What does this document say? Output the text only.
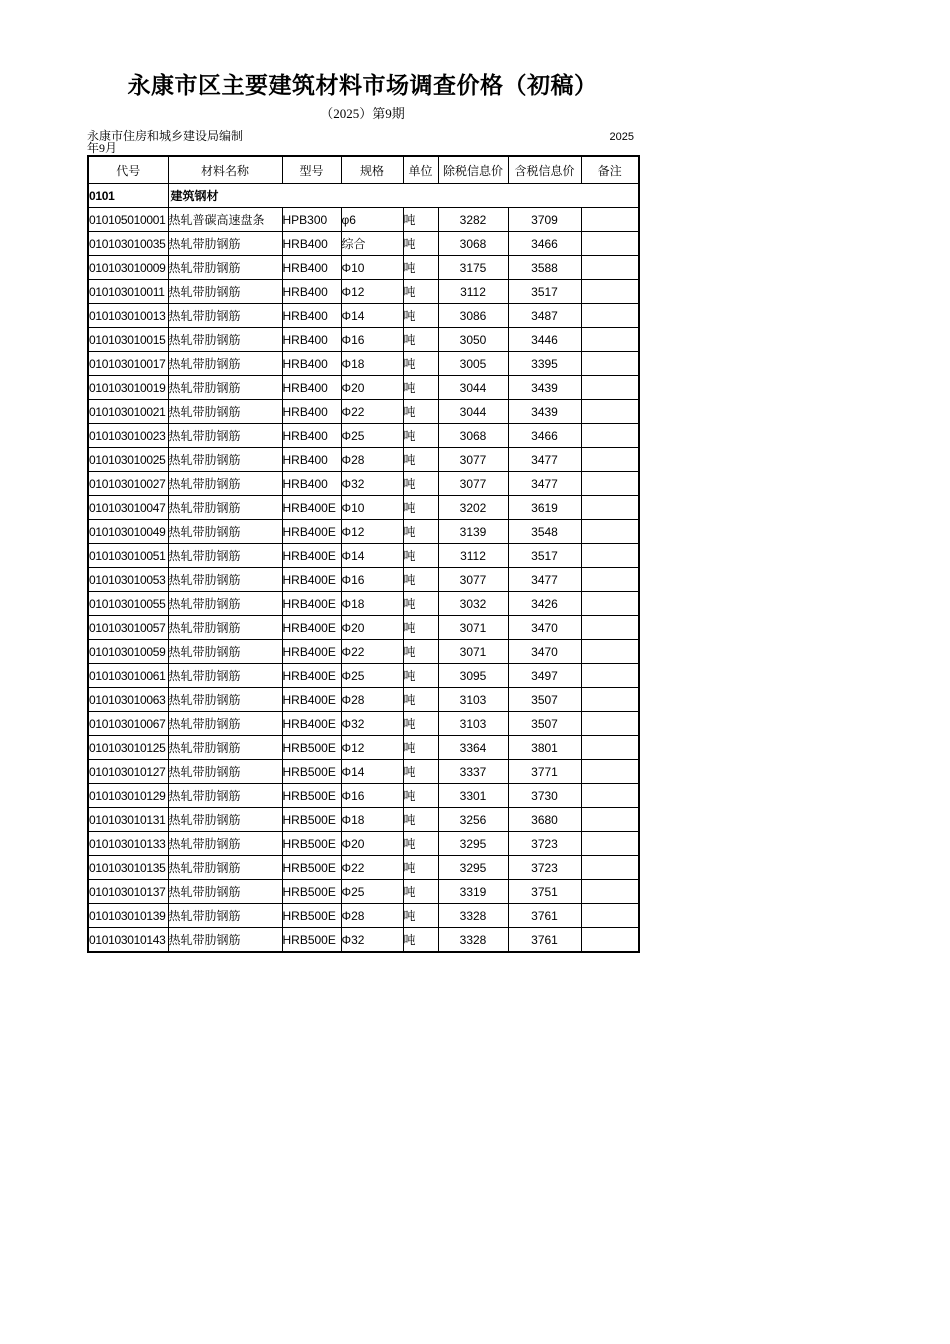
永康市区主要建筑材料市场调查价格（初稿）
（2025）第9期
永康市住房和城乡建设局编制
年9月
2025
代号	材料名称	型号	规格	单位	除税信息价	含税信息价	备注
0101	建筑钢材						
010105010001	热轧普碳高速盘条	HPB300	φ6	吨	3282	3709	
010103010035	热轧带肋钢筋	HRB400	综合	吨	3068	3466	
010103010009	热轧带肋钢筋	HRB400	Φ10	吨	3175	3588	
010103010011	热轧带肋钢筋	HRB400	Φ12	吨	3112	3517	
010103010013	热轧带肋钢筋	HRB400	Φ14	吨	3086	3487	
010103010015	热轧带肋钢筋	HRB400	Φ16	吨	3050	3446	
010103010017	热轧带肋钢筋	HRB400	Φ18	吨	3005	3395	
010103010019	热轧带肋钢筋	HRB400	Φ20	吨	3044	3439	
010103010021	热轧带肋钢筋	HRB400	Φ22	吨	3044	3439	
010103010023	热轧带肋钢筋	HRB400	Φ25	吨	3068	3466	
010103010025	热轧带肋钢筋	HRB400	Φ28	吨	3077	3477	
010103010027	热轧带肋钢筋	HRB400	Φ32	吨	3077	3477	
010103010047	热轧带肋钢筋	HRB400E	Φ10	吨	3202	3619	
010103010049	热轧带肋钢筋	HRB400E	Φ12	吨	3139	3548	
010103010051	热轧带肋钢筋	HRB400E	Φ14	吨	3112	3517	
010103010053	热轧带肋钢筋	HRB400E	Φ16	吨	3077	3477	
010103010055	热轧带肋钢筋	HRB400E	Φ18	吨	3032	3426	
010103010057	热轧带肋钢筋	HRB400E	Φ20	吨	3071	3470	
010103010059	热轧带肋钢筋	HRB400E	Φ22	吨	3071	3470	
010103010061	热轧带肋钢筋	HRB400E	Φ25	吨	3095	3497	
010103010063	热轧带肋钢筋	HRB400E	Φ28	吨	3103	3507	
010103010067	热轧带肋钢筋	HRB400E	Φ32	吨	3103	3507	
010103010125	热轧带肋钢筋	HRB500E	Φ12	吨	3364	3801	
010103010127	热轧带肋钢筋	HRB500E	Φ14	吨	3337	3771	
010103010129	热轧带肋钢筋	HRB500E	Φ16	吨	3301	3730	
010103010131	热轧带肋钢筋	HRB500E	Φ18	吨	3256	3680	
010103010133	热轧带肋钢筋	HRB500E	Φ20	吨	3295	3723	
010103010135	热轧带肋钢筋	HRB500E	Φ22	吨	3295	3723	
010103010137	热轧带肋钢筋	HRB500E	Φ25	吨	3319	3751	
010103010139	热轧带肋钢筋	HRB500E	Φ28	吨	3328	3761	
010103010143	热轧带肋钢筋	HRB500E	Φ32	吨	3328	3761	
